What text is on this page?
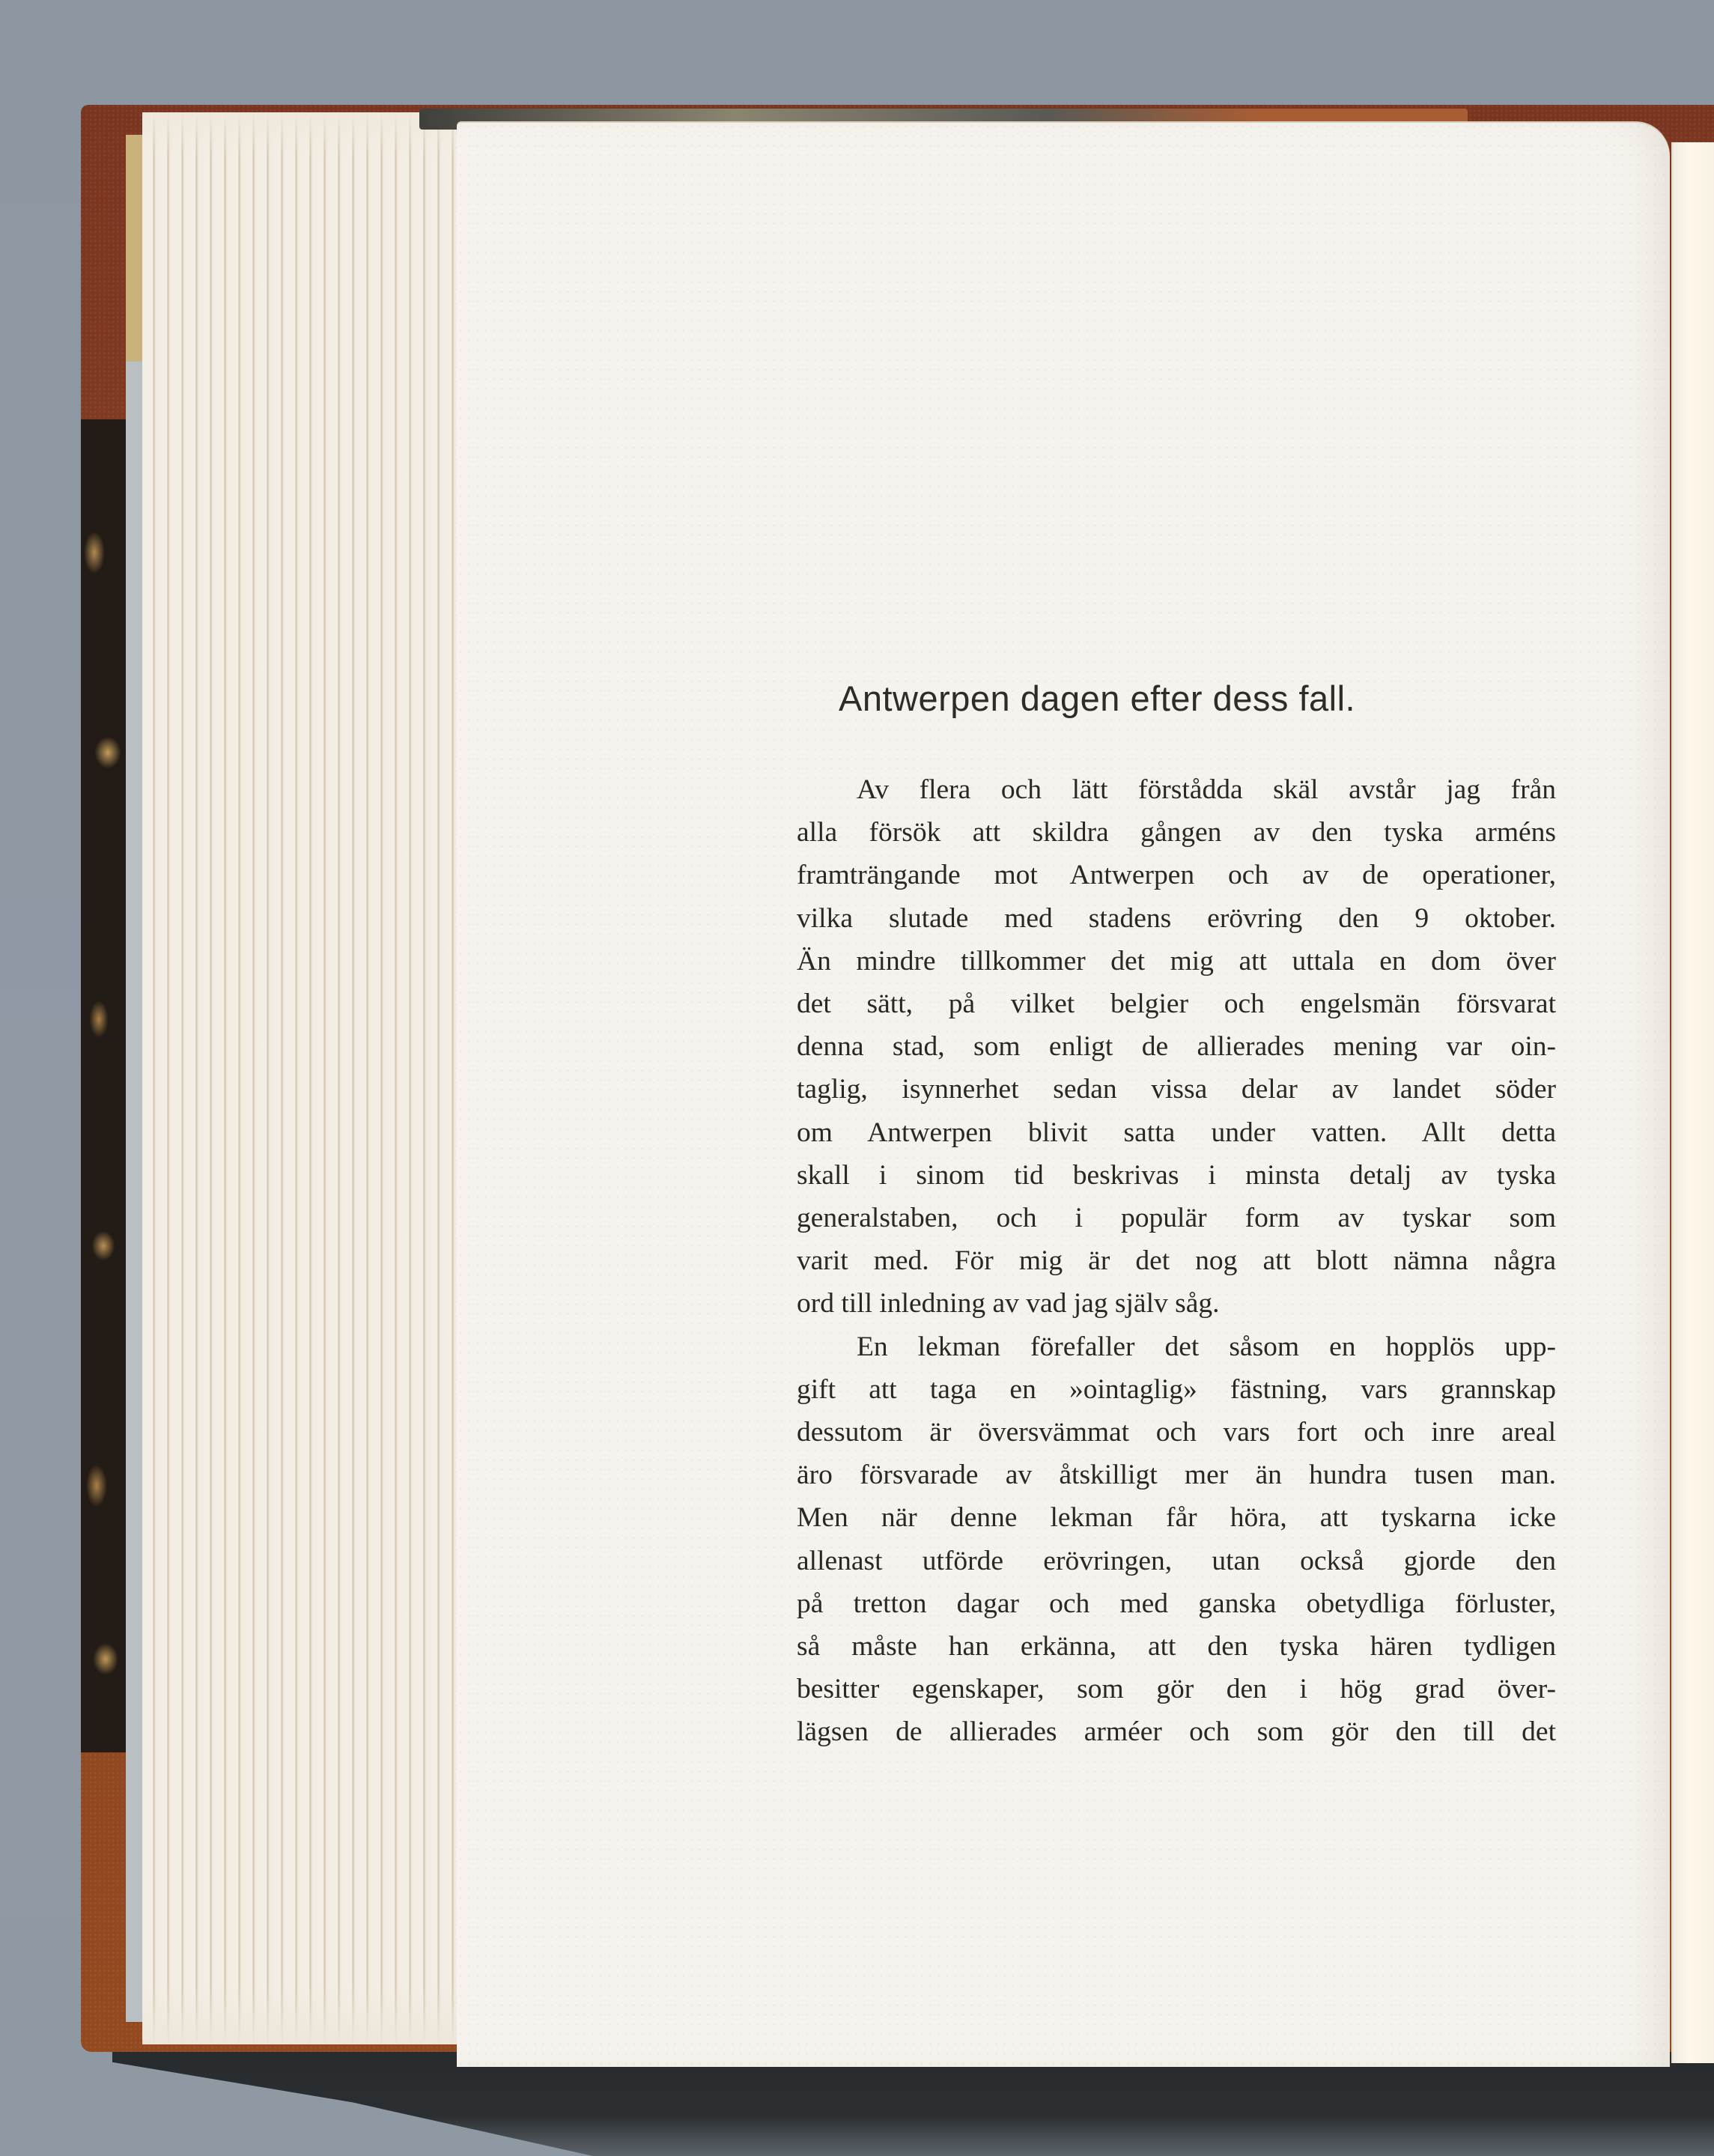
Antwerpen dagen efter dess fall.

Av flera och lätt förstådda skäl avstår jag från
alla försök att skildra gången av den tyska arméns
framträngande mot Antwerpen och av de operationer,
vilka slutade med stadens erövring den 9 oktober.
Än mindre tillkommer det mig att uttala en dom över
det sätt, på vilket belgier och engelsmän försvarat
denna stad, som enligt de allierades mening var oin-
taglig, isynnerhet sedan vissa delar av landet söder
om Antwerpen blivit satta under vatten. Allt detta
skall i sinom tid beskrivas i minsta detalj av tyska
generalstaben, och i populär form av tyskar som
varit med. För mig är det nog att blott nämna några
ord till inledning av vad jag själv såg.

En lekman förefaller det såsom en hopplös upp-
gift att taga en »ointaglig» fästning, vars grannskap
dessutom är översvämmat och vars fort och inre areal
äro försvarade av åtskilligt mer än hundra tusen man.
Men när denne lekman får höra, att tyskarna icke
allenast utförde erövringen, utan också gjorde den
på tretton dagar och med ganska obetydliga förluster,
så måste han erkänna, att den tyska hären tydligen
besitter egenskaper, som gör den i hög grad över-
lägsen de allierades arméer och som gör den till det
